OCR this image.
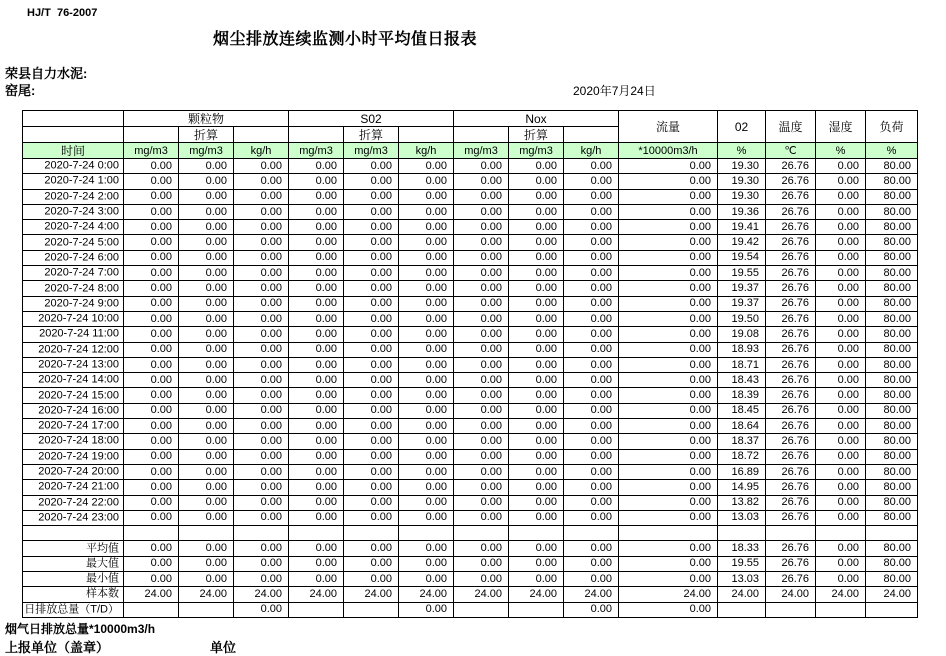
HJ/T  76-2007
烟尘排放连续监测小时平均值日报表
荣县自力水泥:
窑尾:	2020年7月24日
	颗粒物			S02			Nox			流量	02	温度	湿度	负荷
		折算			折算			折算						
时间	mg/m3	mg/m3	kg/h	mg/m3	mg/m3	kg/h	mg/m3	mg/m3	kg/h	*10000m3/h	%	℃	%	%

2020-7-24 0:00	0.00	0.00	0.00	0.00	0.00	0.00	0.00	0.00	0.00	0.00	19.30	26.76	0.00	80.00

2020-7-24 1:00	0.00	0.00	0.00	0.00	0.00	0.00	0.00	0.00	0.00	0.00	19.30	26.76	0.00	80.00

2020-7-24 2:00	0.00	0.00	0.00	0.00	0.00	0.00	0.00	0.00	0.00	0.00	19.30	26.76	0.00	80.00

2020-7-24 3:00	0.00	0.00	0.00	0.00	0.00	0.00	0.00	0.00	0.00	0.00	19.36	26.76	0.00	80.00

2020-7-24 4:00	0.00	0.00	0.00	0.00	0.00	0.00	0.00	0.00	0.00	0.00	19.41	26.76	0.00	80.00

2020-7-24 5:00	0.00	0.00	0.00	0.00	0.00	0.00	0.00	0.00	0.00	0.00	19.42	26.76	0.00	80.00

2020-7-24 6:00	0.00	0.00	0.00	0.00	0.00	0.00	0.00	0.00	0.00	0.00	19.54	26.76	0.00	80.00

2020-7-24 7:00	0.00	0.00	0.00	0.00	0.00	0.00	0.00	0.00	0.00	0.00	19.55	26.76	0.00	80.00

2020-7-24 8:00	0.00	0.00	0.00	0.00	0.00	0.00	0.00	0.00	0.00	0.00	19.37	26.76	0.00	80.00

2020-7-24 9:00	0.00	0.00	0.00	0.00	0.00	0.00	0.00	0.00	0.00	0.00	19.37	26.76	0.00	80.00

2020-7-24 10:00	0.00	0.00	0.00	0.00	0.00	0.00	0.00	0.00	0.00	0.00	19.50	26.76	0.00	80.00

2020-7-24 11:00	0.00	0.00	0.00	0.00	0.00	0.00	0.00	0.00	0.00	0.00	19.08	26.76	0.00	80.00

2020-7-24 12:00	0.00	0.00	0.00	0.00	0.00	0.00	0.00	0.00	0.00	0.00	18.93	26.76	0.00	80.00

2020-7-24 13:00	0.00	0.00	0.00	0.00	0.00	0.00	0.00	0.00	0.00	0.00	18.71	26.76	0.00	80.00

2020-7-24 14:00	0.00	0.00	0.00	0.00	0.00	0.00	0.00	0.00	0.00	0.00	18.43	26.76	0.00	80.00

2020-7-24 15:00	0.00	0.00	0.00	0.00	0.00	0.00	0.00	0.00	0.00	0.00	18.39	26.76	0.00	80.00

2020-7-24 16:00	0.00	0.00	0.00	0.00	0.00	0.00	0.00	0.00	0.00	0.00	18.45	26.76	0.00	80.00

2020-7-24 17:00	0.00	0.00	0.00	0.00	0.00	0.00	0.00	0.00	0.00	0.00	18.64	26.76	0.00	80.00

2020-7-24 18:00	0.00	0.00	0.00	0.00	0.00	0.00	0.00	0.00	0.00	0.00	18.37	26.76	0.00	80.00

2020-7-24 19:00	0.00	0.00	0.00	0.00	0.00	0.00	0.00	0.00	0.00	0.00	18.72	26.76	0.00	80.00

2020-7-24 20:00	0.00	0.00	0.00	0.00	0.00	0.00	0.00	0.00	0.00	0.00	16.89	26.76	0.00	80.00

2020-7-24 21:00	0.00	0.00	0.00	0.00	0.00	0.00	0.00	0.00	0.00	0.00	14.95	26.76	0.00	80.00

2020-7-24 22:00	0.00	0.00	0.00	0.00	0.00	0.00	0.00	0.00	0.00	0.00	13.82	26.76	0.00	80.00

2020-7-24 23:00	0.00	0.00	0.00	0.00	0.00	0.00	0.00	0.00	0.00	0.00	13.03	26.76	0.00	80.00

平均值	0.00	0.00	0.00	0.00	0.00	0.00	0.00	0.00	0.00	0.00	18.33	26.76	0.00	80.00

最大值	0.00	0.00	0.00	0.00	0.00	0.00	0.00	0.00	0.00	0.00	19.55	26.76	0.00	80.00

最小值	0.00	0.00	0.00	0.00	0.00	0.00	0.00	0.00	0.00	0.00	13.03	26.76	0.00	80.00

样本数	24.00	24.00	24.00	24.00	24.00	24.00	24.00	24.00	24.00	24.00	24.00	24.00	24.00	24.00

日排放总量（T/D）			0.00			0.00			0.00	0.00				
烟气日排放总量*10000m3/h
上报单位（盖章）	单位
